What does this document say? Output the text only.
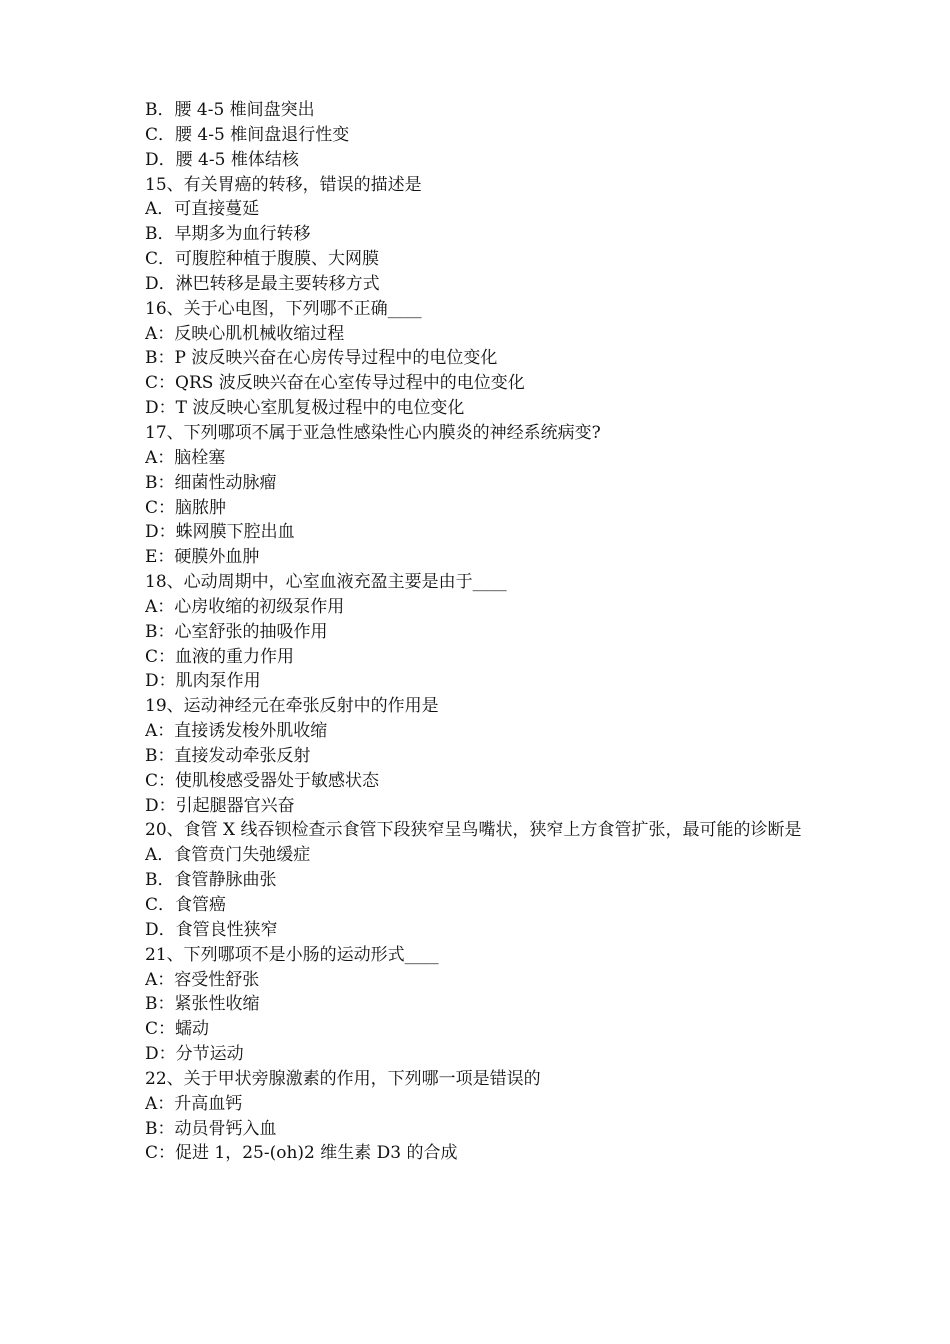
B．腰 4-5 椎间盘突出
C．腰 4-5 椎间盘退行性变
D．腰 4-5 椎体结核
15、有关胃癌的转移，错误的描述是
A．可直接蔓延
B．早期多为血行转移
C．可腹腔种植于腹膜、大网膜
D．淋巴转移是最主要转移方式
16、关于心电图，下列哪不正确____
A：反映心肌机械收缩过程
B：P 波反映兴奋在心房传导过程中的电位变化
C：QRS 波反映兴奋在心室传导过程中的电位变化
D：T 波反映心室肌复极过程中的电位变化
17、下列哪项不属于亚急性感染性心内膜炎的神经系统病变?
A：脑栓塞
B：细菌性动脉瘤
C：脑脓肿
D：蛛网膜下腔出血
E：硬膜外血肿
18、心动周期中，心室血液充盈主要是由于____
A：心房收缩的初级泵作用
B：心室舒张的抽吸作用
C：血液的重力作用
D：肌肉泵作用
19、运动神经元在牵张反射中的作用是
A：直接诱发梭外肌收缩
B：直接发动牵张反射
C：使肌梭感受器处于敏感状态
D：引起腿器官兴奋
20、食管 X 线吞钡检查示食管下段狭窄呈鸟嘴状，狭窄上方食管扩张，最可能的诊断是
A．食管贲门失弛缓症
B．食管静脉曲张
C．食管癌
D．食管良性狭窄
21、下列哪项不是小肠的运动形式____
A：容受性舒张
B：紧张性收缩
C：蠕动
D：分节运动
22、关于甲状旁腺激素的作用，下列哪一项是错误的
A：升高血钙
B：动员骨钙入血
C：促进 1，25-(oh)2 维生素 D3 的合成
